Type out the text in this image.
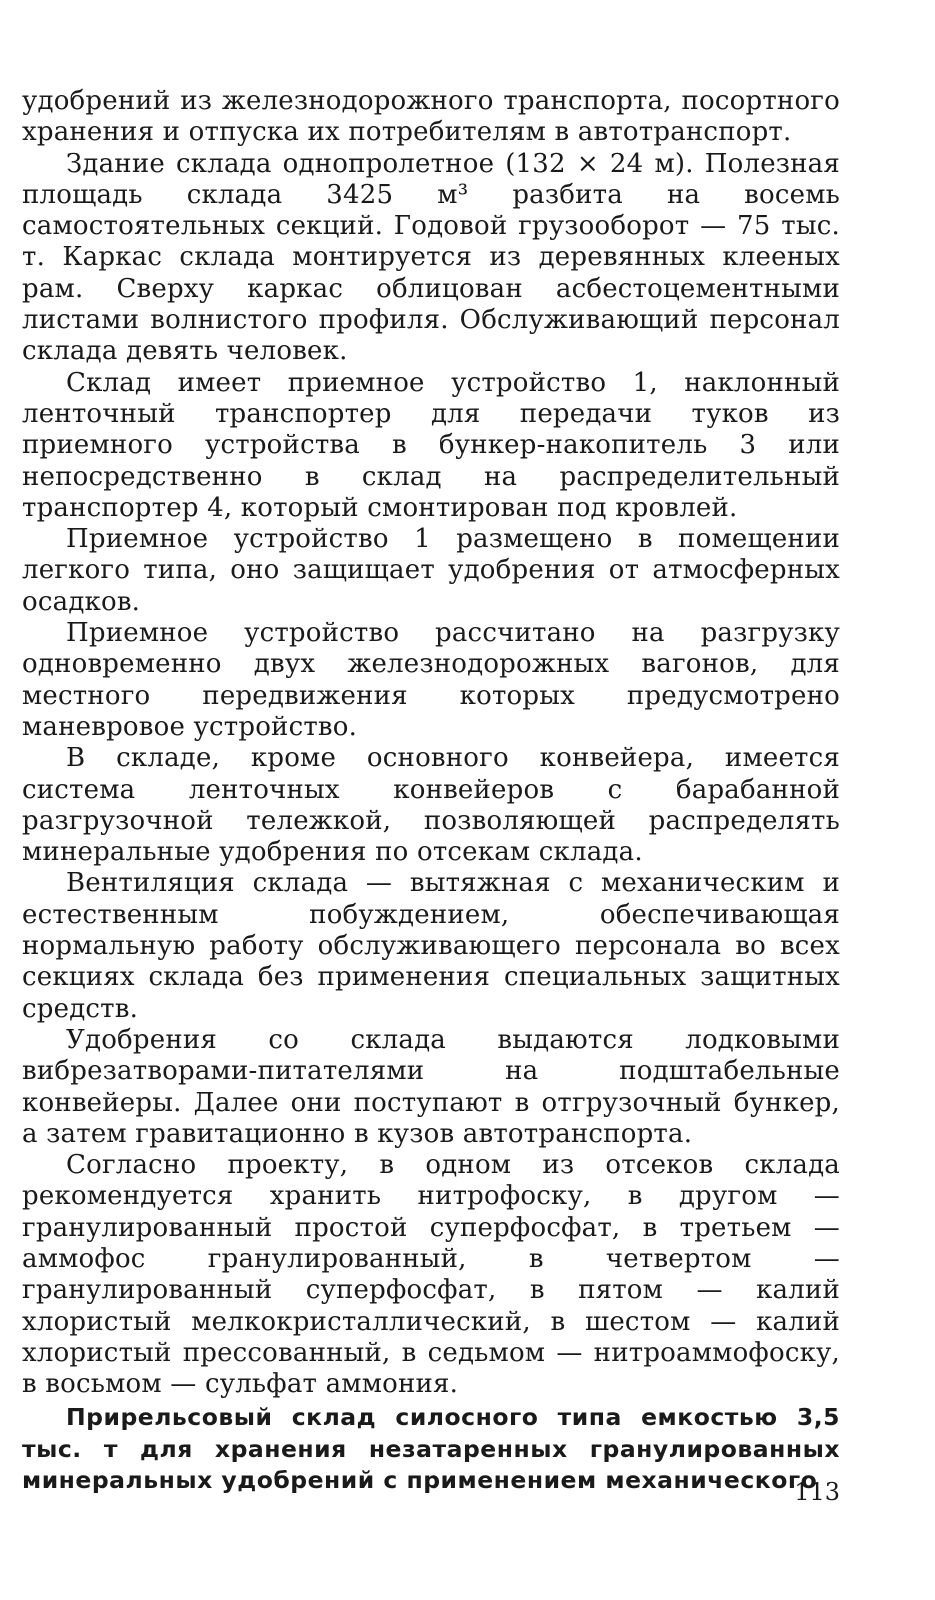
удобрений из железнодорожного транспорта, посортного хранения и отпуска их потребителям в автотранспорт.

Здание склада однопролетное (132 × 24 м). Полезная площадь склада 3425 м³ разбита на восемь самостоятельных секций. Годовой грузооборот — 75 тыс. т. Каркас склада монтируется из деревянных клееных рам. Сверху каркас облицован асбестоцементными листами волнистого профиля. Обслуживающий персонал склада девять человек.

Склад имеет приемное устройство 1, наклонный ленточный транспортер для передачи туков из приемного устройства в бункер-накопитель 3 или непосредственно в склад на распределительный транспортер 4, который смонтирован под кровлей.

Приемное устройство 1 размещено в помещении легкого типа, оно защищает удобрения от атмосферных осадков.

Приемное устройство рассчитано на разгрузку одновременно двух железнодорожных вагонов, для местного передвижения которых предусмотрено маневровое устройство.

В складе, кроме основного конвейера, имеется система ленточных конвейеров с барабанной разгрузочной тележкой, позволяющей распределять минеральные удобрения по отсекам склада.

Вентиляция склада — вытяжная с механическим и естественным побуждением, обеспечивающая нормальную работу обслуживающего персонала во всех секциях склада без применения специальных защитных средств.

Удобрения со склада выдаются лодковыми вибрезатворами-питателями на подштабельные конвейеры. Далее они поступают в отгрузочный бункер, а затем гравитационно в кузов автотранспорта.

Согласно проекту, в одном из отсеков склада рекомендуется хранить нитрофоску, в другом — гранулированный простой суперфосфат, в третьем — аммофос гранулированный, в четвертом — гранулированный суперфосфат, в пятом — калий хлористый мелкокристаллический, в шестом — калий хлористый прессованный, в седьмом — нитроаммофоску, в восьмом — сульфат аммония.

Прирельсовый склад силосного типа емкостью 3,5 тыс. т для хранения незатаренных гранулированных минеральных удобрений с применением механического

113
